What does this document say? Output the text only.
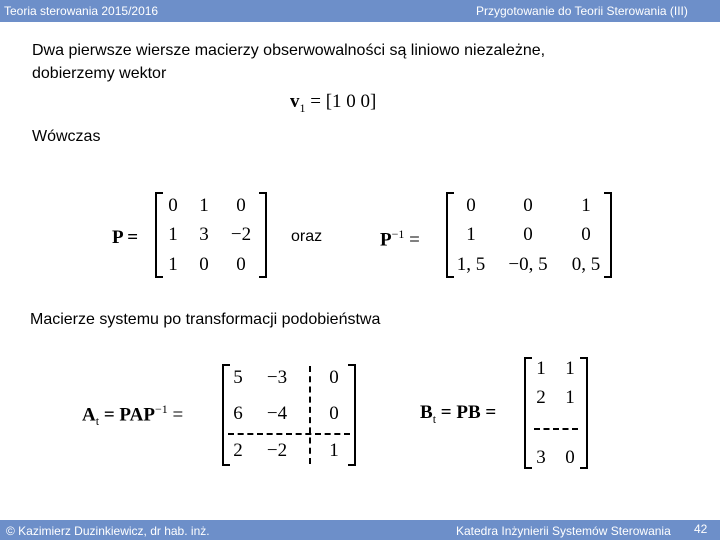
Teoria sterowania 2015/2016	Przygotowanie do Teorii Sterowania (III)
Dwa pierwsze wiersze macierzy obserwowalności są liniowo niezależne,
dobierzemy wektor
$v_1 = [1$ 0 0]
Wówczas
P =
0	1	0
1	3	−2
1	0	0
oraz	$P^{-1}$ =
0	0	1
1	0	0
1, 5	−0, 5	0, 5
Macierze systemu po transformacji podobieństwa
$A_t = PAP^{-1}$ =
5	−3	0
6	−4	0
2	−2	1
$B_t$ = PB =
1	1
2	1
3	0
© Kazimierz Duzinkiewicz, dr hab. inż.	Katedra Inżynierii Systemów Sterowania 42
